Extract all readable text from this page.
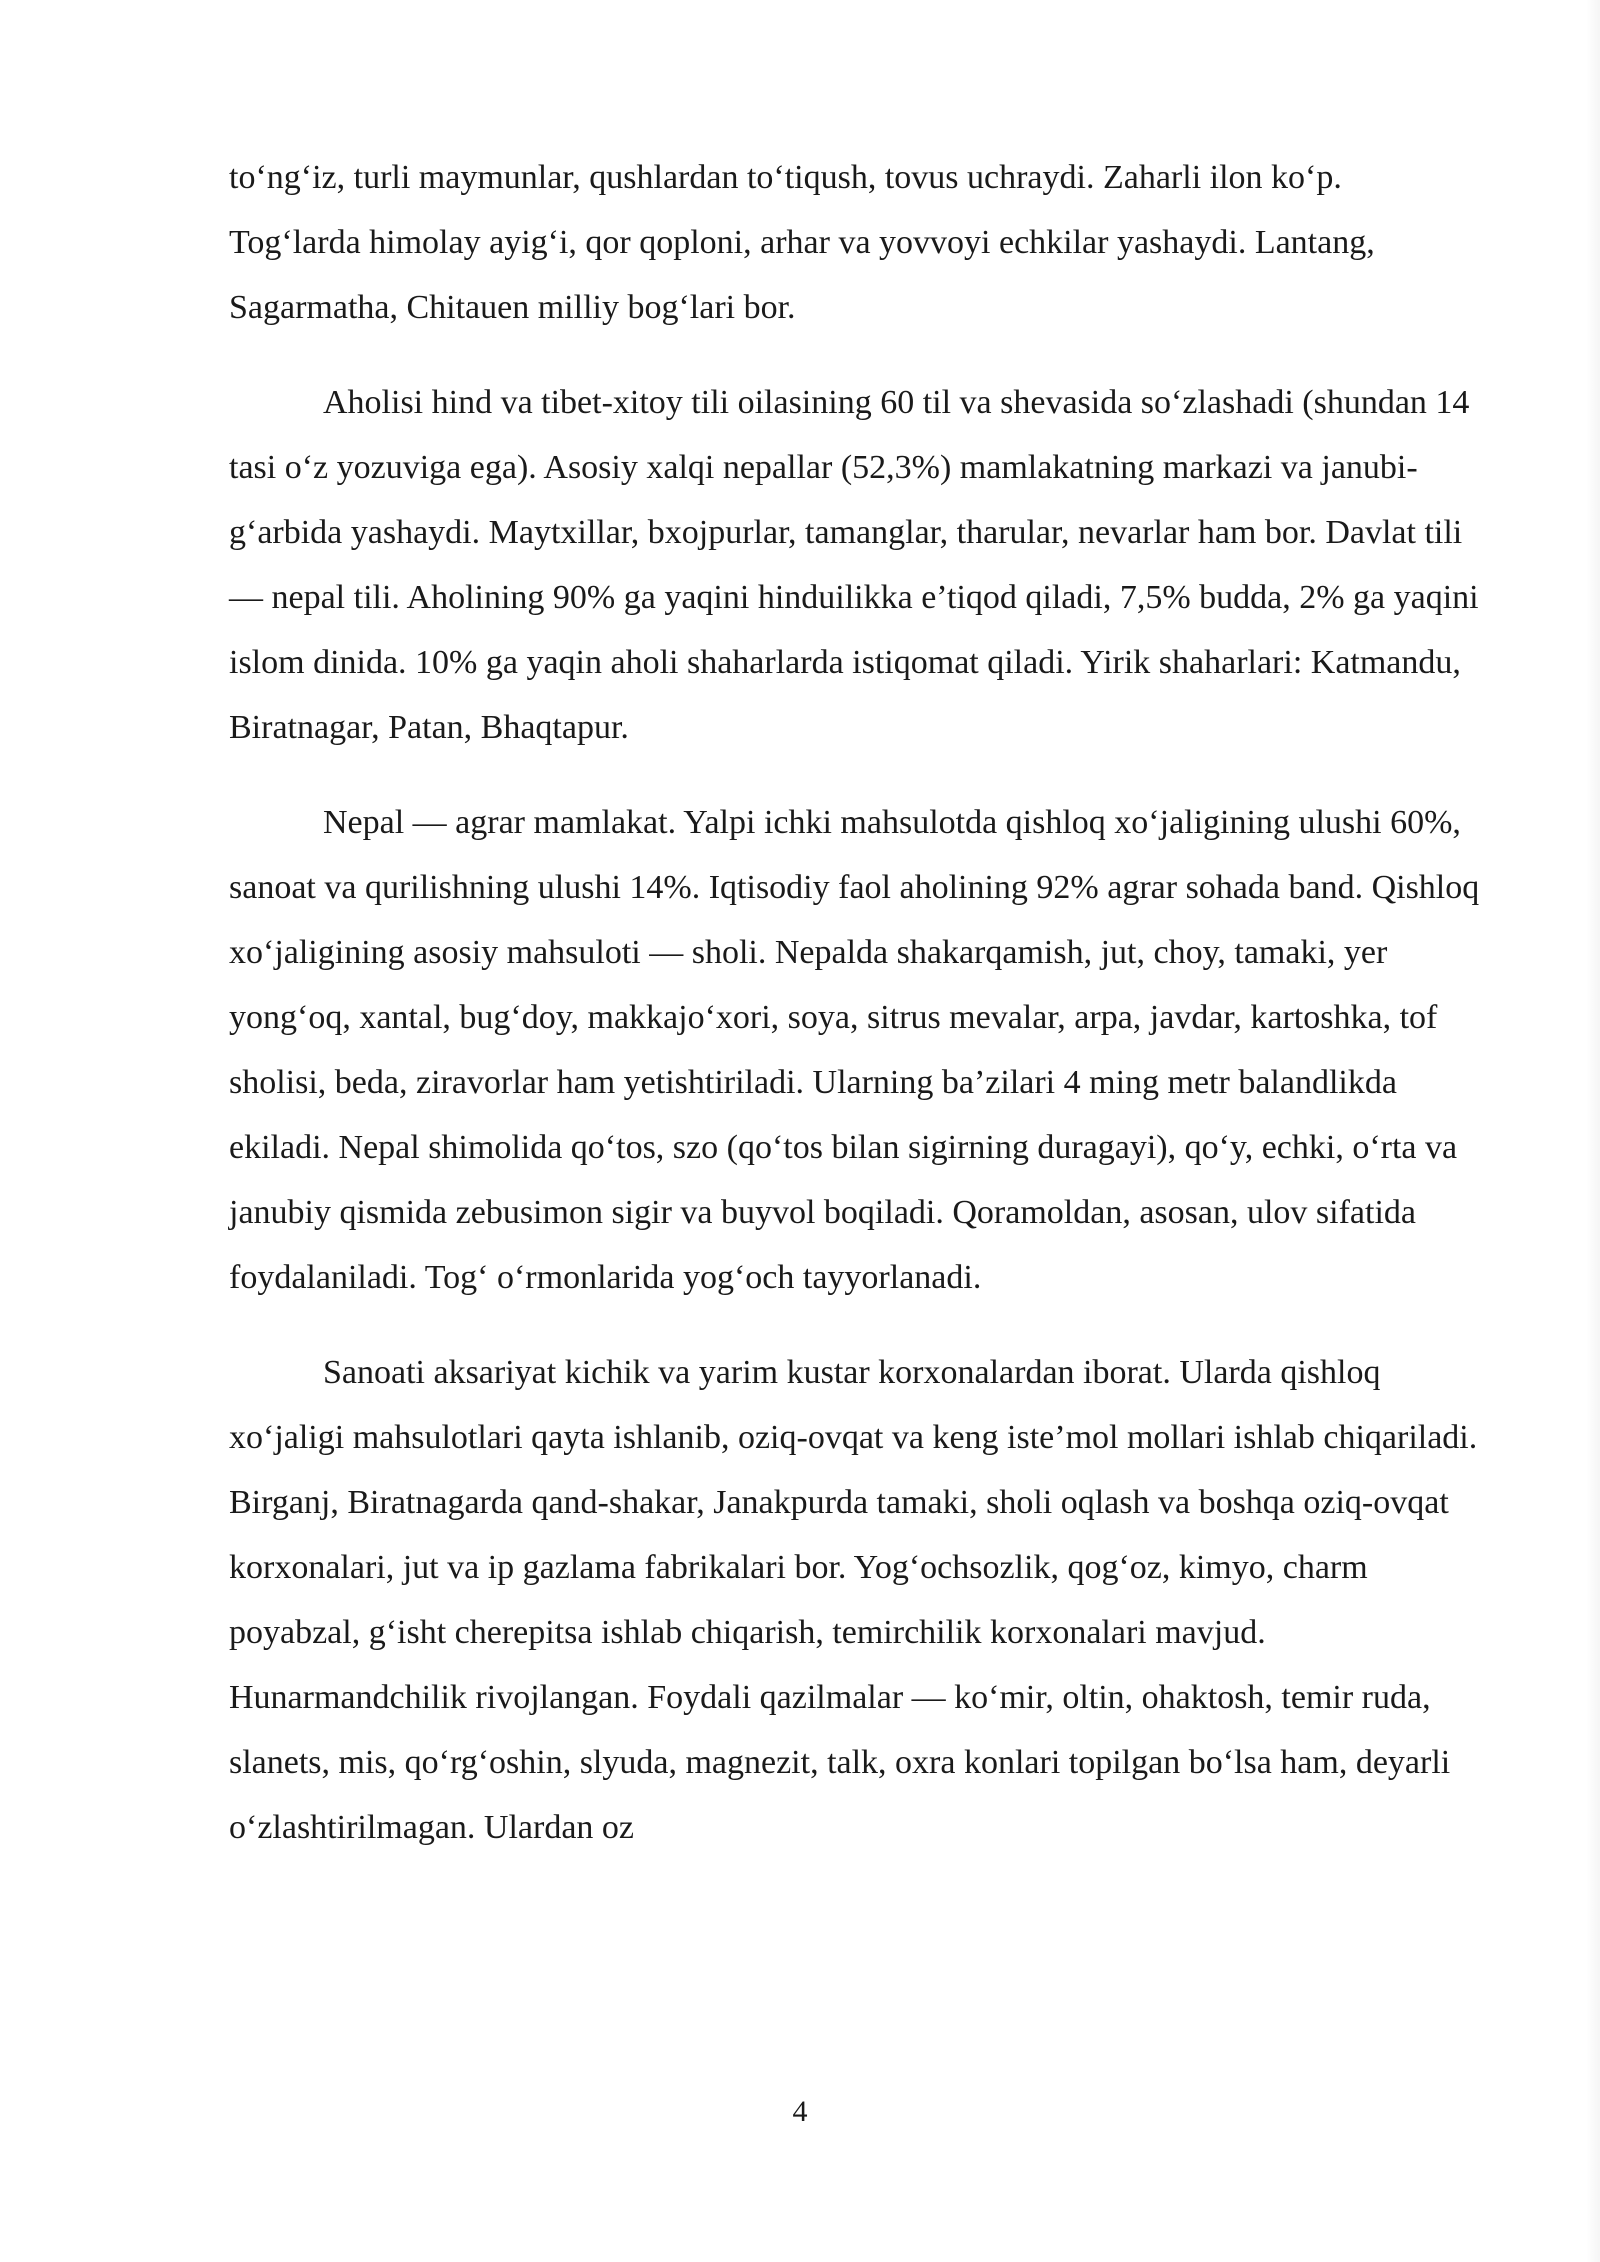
to‘ng‘iz, turli maymunlar, qushlardan to‘tiqush, tovus uchraydi. Zaharli ilon ko‘p. Tog‘larda himolay ayig‘i, qor qoploni, arhar va yovvoyi echkilar yashaydi. Lantang, Sagarmatha, Chitauen milliy bog‘lari bor.

Aholisi hind va tibet-xitoy tili oilasining 60 til va shevasida so‘zlashadi (shundan 14 tasi o‘z yozuviga ega). Asosiy xalqi nepallar (52,3%) mamlakatning markazi va janubi-g‘arbida yashaydi. Maytxillar, bxojpurlar, tamanglar, tharular, nevarlar ham bor. Davlat tili — nepal tili. Aholining 90% ga yaqini hinduilikka e’tiqod qiladi, 7,5% budda, 2% ga yaqini islom dinida. 10% ga yaqin aholi shaharlarda istiqomat qiladi. Yirik shaharlari: Katmandu, Biratnagar, Patan, Bhaqtapur.

Nepal — agrar mamlakat. Yalpi ichki mahsulotda qishloq xo‘jaligining ulushi 60%, sanoat va qurilishning ulushi 14%. Iqtisodiy faol aholining 92% agrar sohada band. Qishloq xo‘jaligining asosiy mahsuloti — sholi. Nepalda shakarqamish, jut, choy, tamaki, yer yong‘oq, xantal, bug‘doy, makkajo‘xori, soya, sitrus mevalar, arpa, javdar, kartoshka, tof sholisi, beda, ziravorlar ham yetishtiriladi. Ularning ba’zilari 4 ming metr balandlikda ekiladi. Nepal shimolida qo‘tos, szo (qo‘tos bilan sigirning duragayi), qo‘y, echki, o‘rta va janubiy qismida zebusimon sigir va buyvol boqiladi. Qoramoldan, asosan, ulov sifatida foydalaniladi. Tog‘ o‘rmonlarida yog‘och tayyorlanadi.

Sanoati aksariyat kichik va yarim kustar korxonalardan iborat. Ularda qishloq xo‘jaligi mahsulotlari qayta ishlanib, oziq-ovqat va keng iste’mol mollari ishlab chiqariladi. Birganj, Biratnagarda qand-shakar, Janakpurda tamaki, sholi oqlash va boshqa oziq-ovqat korxonalari, jut va ip gazlama fabrikalari bor. Yog‘ochsozlik, qog‘oz, kimyo, charm poyabzal, g‘isht cherepitsa ishlab chiqarish, temirchilik korxonalari mavjud. Hunarmandchilik rivojlangan. Foydali qazilmalar — ko‘mir, oltin, ohaktosh, temir ruda, slanets, mis, qo‘rg‘oshin, slyuda, magnezit, talk, oxra konlari topilgan bo‘lsa ham, deyarli o‘zlashtirilmagan. Ulardan oz

4
